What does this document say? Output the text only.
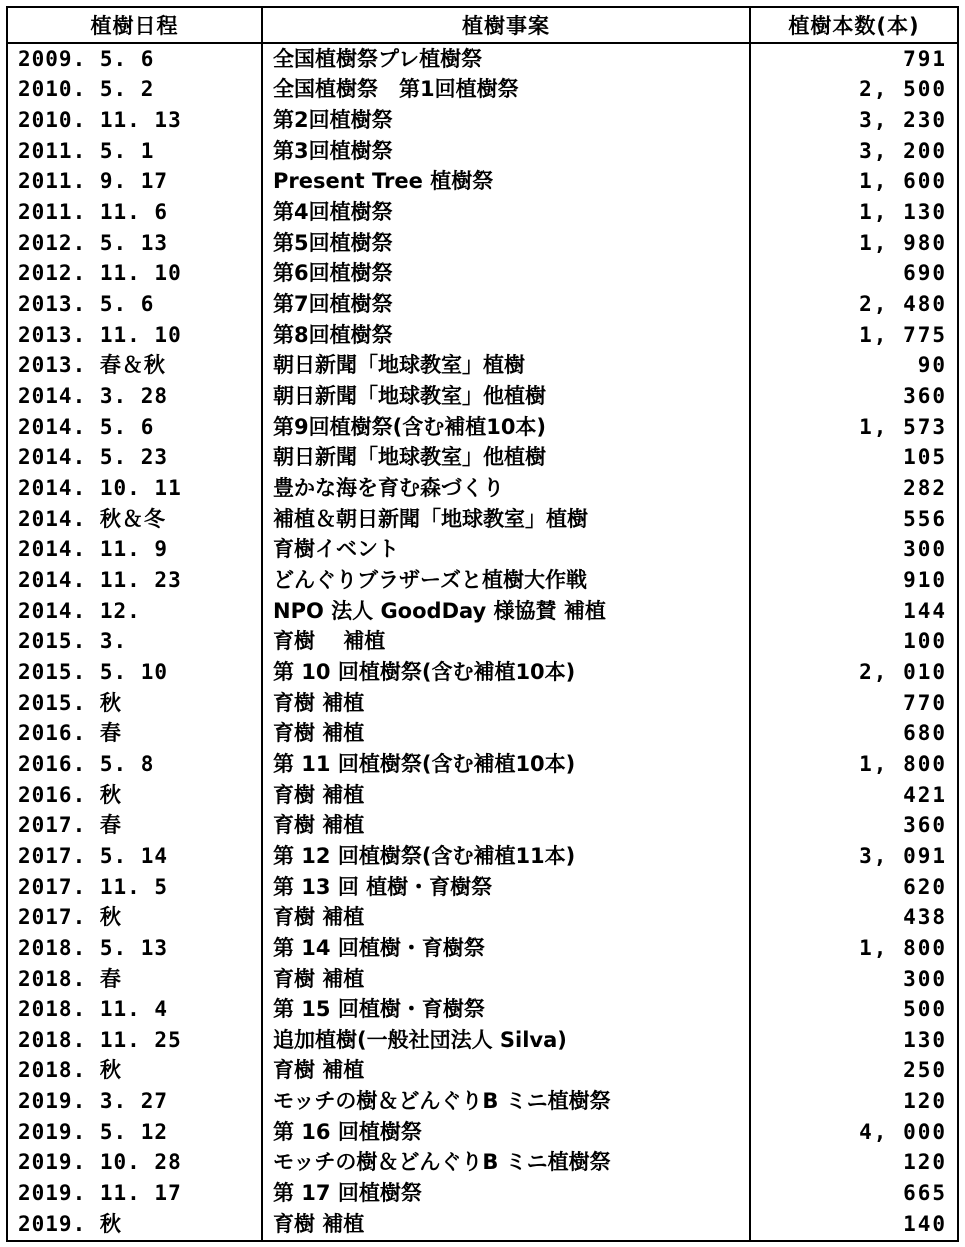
植樹日程	植樹事案	植樹本数(本)
2009. 5. 6	全国植樹祭プレ植樹祭	791
2010. 5. 2	全国植樹祭　第1回植樹祭	2, 500
2010. 11. 13	第2回植樹祭	3, 230
2011. 5. 1	第3回植樹祭	3, 200
2011. 9. 17	Present Tree 植樹祭	1, 600
2011. 11. 6	第4回植樹祭	1, 130
2012. 5. 13	第5回植樹祭	1, 980
2012. 11. 10	第6回植樹祭	690
2013. 5. 6	第7回植樹祭	2, 480
2013. 11. 10	第8回植樹祭	1, 775
2013. 春＆秋	朝日新聞「地球教室」植樹	90
2014. 3. 28	朝日新聞「地球教室」他植樹	360
2014. 5. 6	第9回植樹祭(含む補植10本)	1, 573
2014. 5. 23	朝日新聞「地球教室」他植樹	105
2014. 10. 11	豊かな海を育む森づくり	282
2014. 秋＆冬	補植＆朝日新聞「地球教室」植樹	556
2014. 11. 9	育樹イベント	300
2014. 11. 23	どんぐりブラザーズと植樹大作戦	910
2014. 12.	NPO 法人 GoodDay 様協賛 補植	144
2015. 3.	育樹　 補植	100
2015. 5. 10	第 10 回植樹祭(含む補植10本)	2, 010
2015. 秋	育樹 補植	770
2016. 春	育樹 補植	680
2016. 5. 8	第 11 回植樹祭(含む補植10本)	1, 800
2016. 秋	育樹 補植	421
2017. 春	育樹 補植	360
2017. 5. 14	第 12 回植樹祭(含む補植11本)	3, 091
2017. 11. 5	第 13 回 植樹・育樹祭	620
2017. 秋	育樹 補植	438
2018. 5. 13	第 14 回植樹・育樹祭	1, 800
2018. 春	育樹 補植	300
2018. 11. 4	第 15 回植樹・育樹祭	500
2018. 11. 25	追加植樹(一般社団法人 Silva)	130
2018. 秋	育樹 補植	250
2019. 3. 27	モッチの樹＆どんぐりB ミニ植樹祭	120
2019. 5. 12	第 16 回植樹祭	4, 000
2019. 10. 28	モッチの樹＆どんぐりB ミニ植樹祭	120
2019. 11. 17	第 17 回植樹祭	665
2019. 秋	育樹 補植	140
